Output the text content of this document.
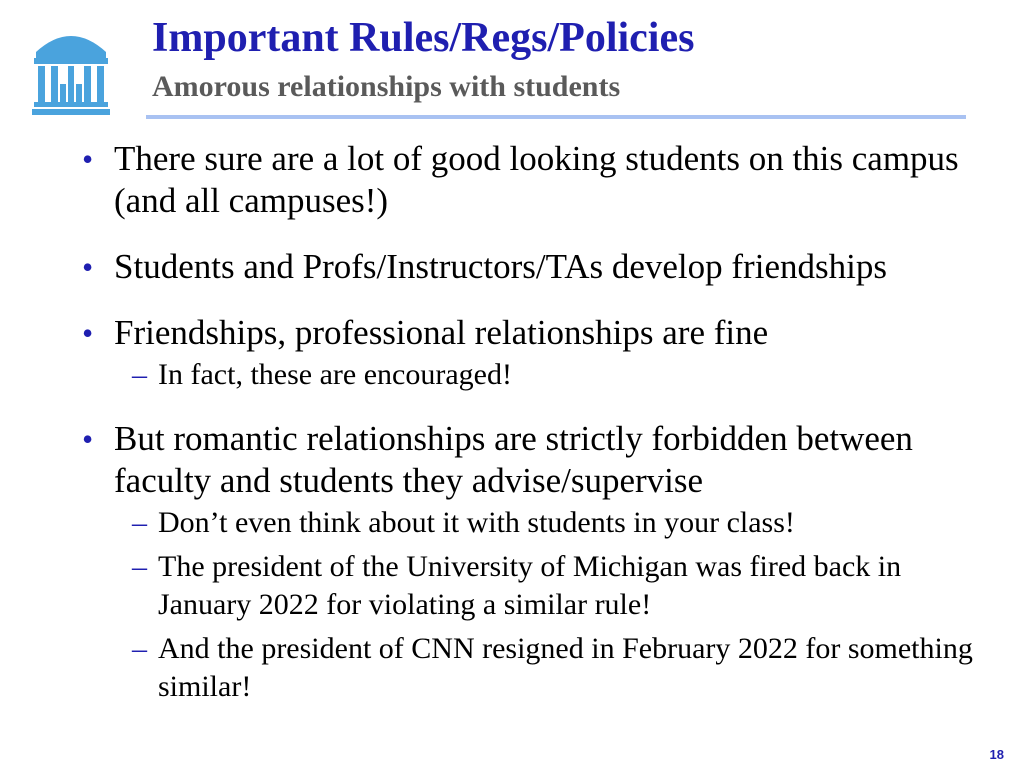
Important Rules/Regs/Policies
Amorous relationships with students
• There sure are a lot of good looking students on this campus (and all campuses!)
• Students and Profs/Instructors/TAs develop friendships
• Friendships, professional relationships are fine
– In fact, these are encouraged!
• But romantic relationships are strictly forbidden between faculty and students they advise/supervise
– Don’t even think about it with students in your class!
– The president of the University of Michigan was fired back in January 2022 for violating a similar rule!
– And the president of CNN resigned in February 2022 for something similar!
18
